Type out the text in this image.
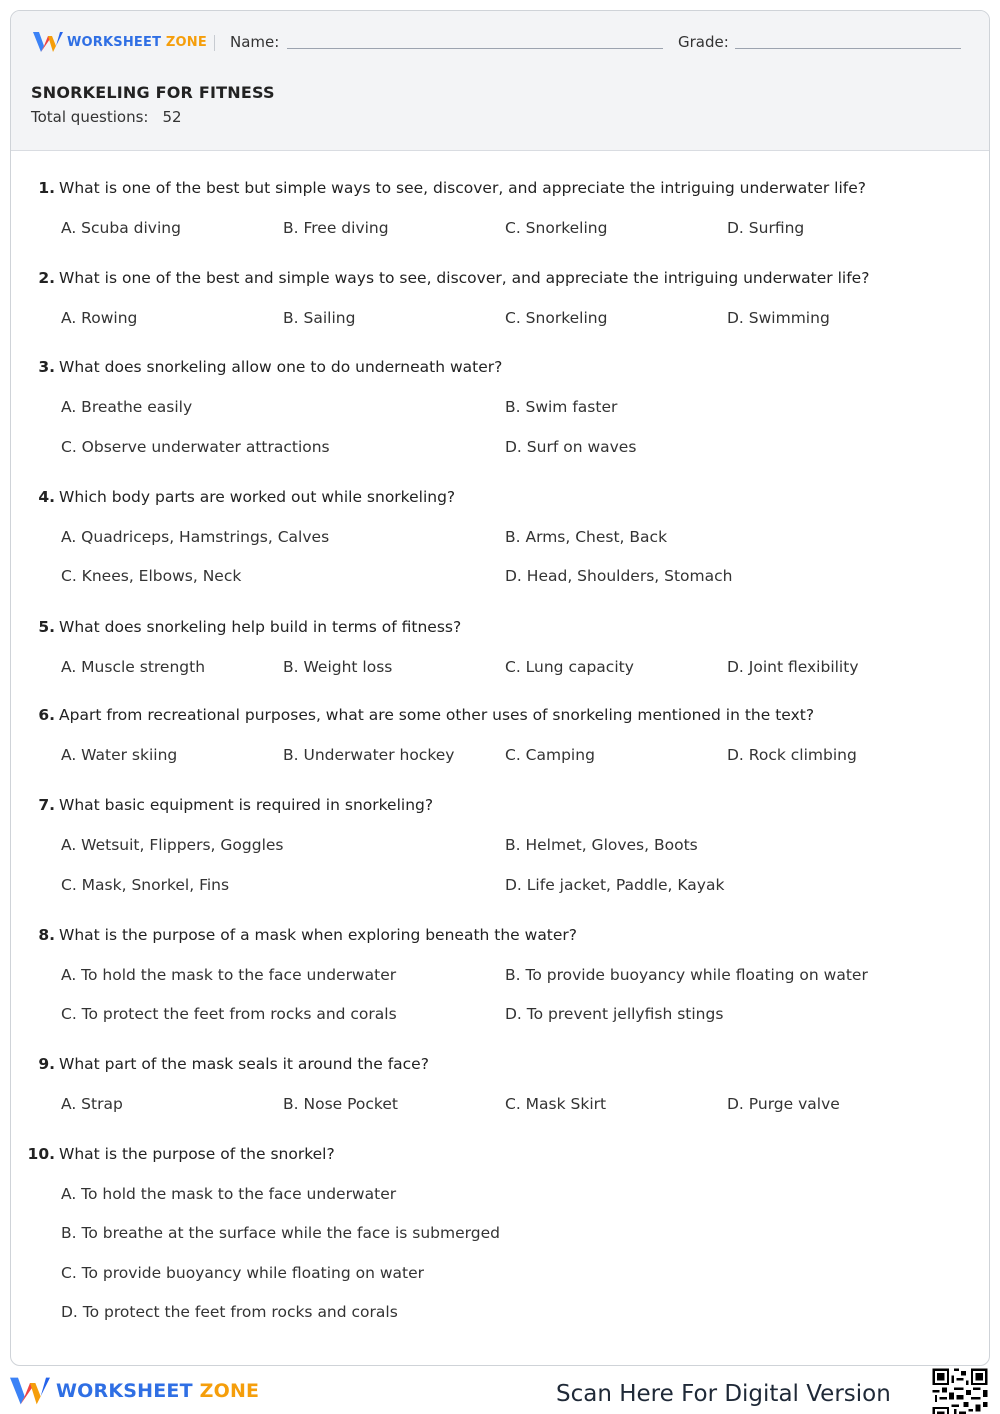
WORKSHEET ZONE Name:	Grade:
SNORKELING FOR FITNESS
Total questions: 52
1. What is one of the best but simple ways to see, discover, and appreciate the intriguing underwater life?
A. Scuba diving	B. Free diving	C. Snorkeling	D. Surfing
2. What is one of the best and simple ways to see, discover, and appreciate the intriguing underwater life?
A. Rowing	B. Sailing	C. Snorkeling	D. Swimming
3. What does snorkeling allow one to do underneath water?
A. Breathe easily	B. Swim faster
C. Observe underwater attractions	D. Surf on waves
4. Which body parts are worked out while snorkeling?
A. Quadriceps, Hamstrings, Calves	B. Arms, Chest, Back
C. Knees, Elbows, Neck	D. Head, Shoulders, Stomach
5. What does snorkeling help build in terms of fitness?
A. Muscle strength	B. Weight loss	C. Lung capacity	D. Joint flexibility
6. Apart from recreational purposes, what are some other uses of snorkeling mentioned in the text?
A. Water skiing	B. Underwater hockey	C. Camping	D. Rock climbing
7. What basic equipment is required in snorkeling?
A. Wetsuit, Flippers, Goggles	B. Helmet, Gloves, Boots
C. Mask, Snorkel, Fins	D. Life jacket, Paddle, Kayak
8. What is the purpose of a mask when exploring beneath the water?
A. To hold the mask to the face underwater	B. To provide buoyancy while floating on water
C. To protect the feet from rocks and corals	D. To prevent jellyfish stings
9. What part of the mask seals it around the face?
A. Strap	B. Nose Pocket	C. Mask Skirt	D. Purge valve
10. What is the purpose of the snorkel?
A. To hold the mask to the face underwater
B. To breathe at the surface while the face is submerged
C. To provide buoyancy while floating on water
D. To protect the feet from rocks and corals
WORKSHEET ZONE	Scan Here For Digital Version
